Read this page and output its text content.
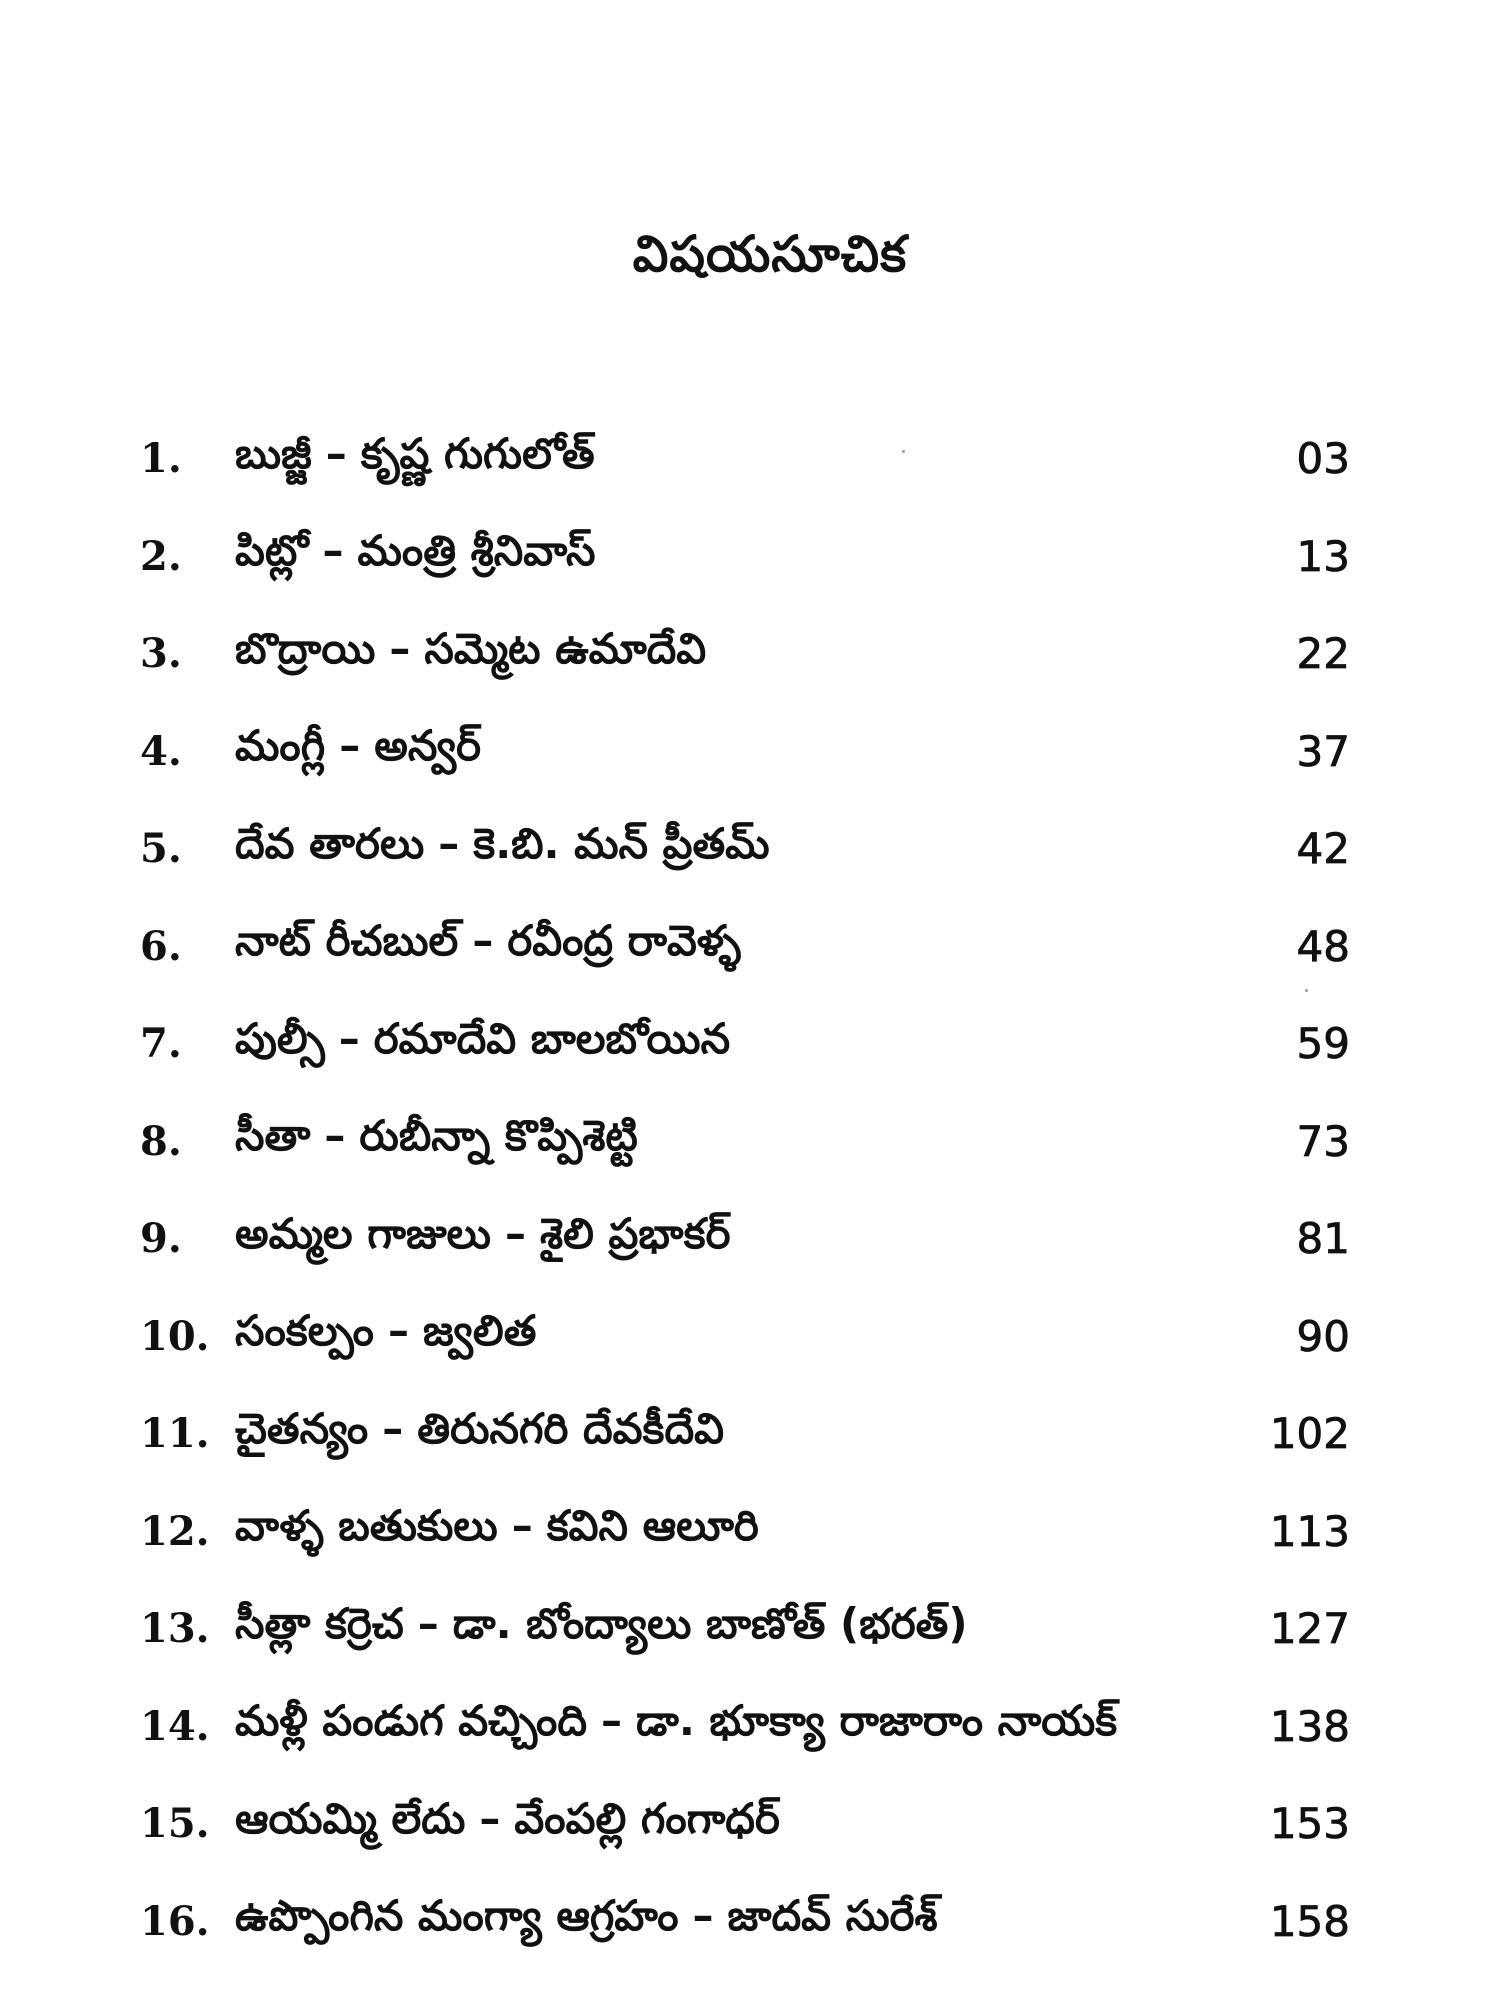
విషయసూచిక
1.	బుజ్జీ – కృష్ణ గుగులోత్	03
2.	పిట్లో – మంత్రి శ్రీనివాస్	13
3.	బొద్రాయి – సమ్మెట ఉమాదేవి	22
4.	మంగ్లీ – అన్వర్	37
5.	దేవ తారలు – కె.బి. మన్ ప్రీతమ్	42
6.	నాట్ రీచబుల్ – రవీంద్ర రావెళ్ళ	48
7.	పుల్సీ – రమాదేవి బాలబోయిన	59
8.	సీతా – రుబీన్నా కొప్పిశెట్టి	73
9.	అమ్మల గాజులు – శైలి ప్రభాకర్	81
10. సంకల్పం – జ్వలిత	90
11. చైతన్యం – తిరునగరి దేవకీదేవి	102
12. వాళ్ళ బతుకులు – కవిని ఆలూరి	113
13. సీత్లా కర్రెచ – డా. బోంద్యాలు బాణోత్ (భరత్)	127
14. మళ్లీ పండుగ వచ్చింది – డా. భూక్యా రాజారాం నాయక్	138
15. ఆయమ్మి లేదు – వేంపల్లి గంగాధర్	153
16. ఉప్పొంగిన మంగ్యా ఆగ్రహం – జాదవ్ సురేశ్	158
